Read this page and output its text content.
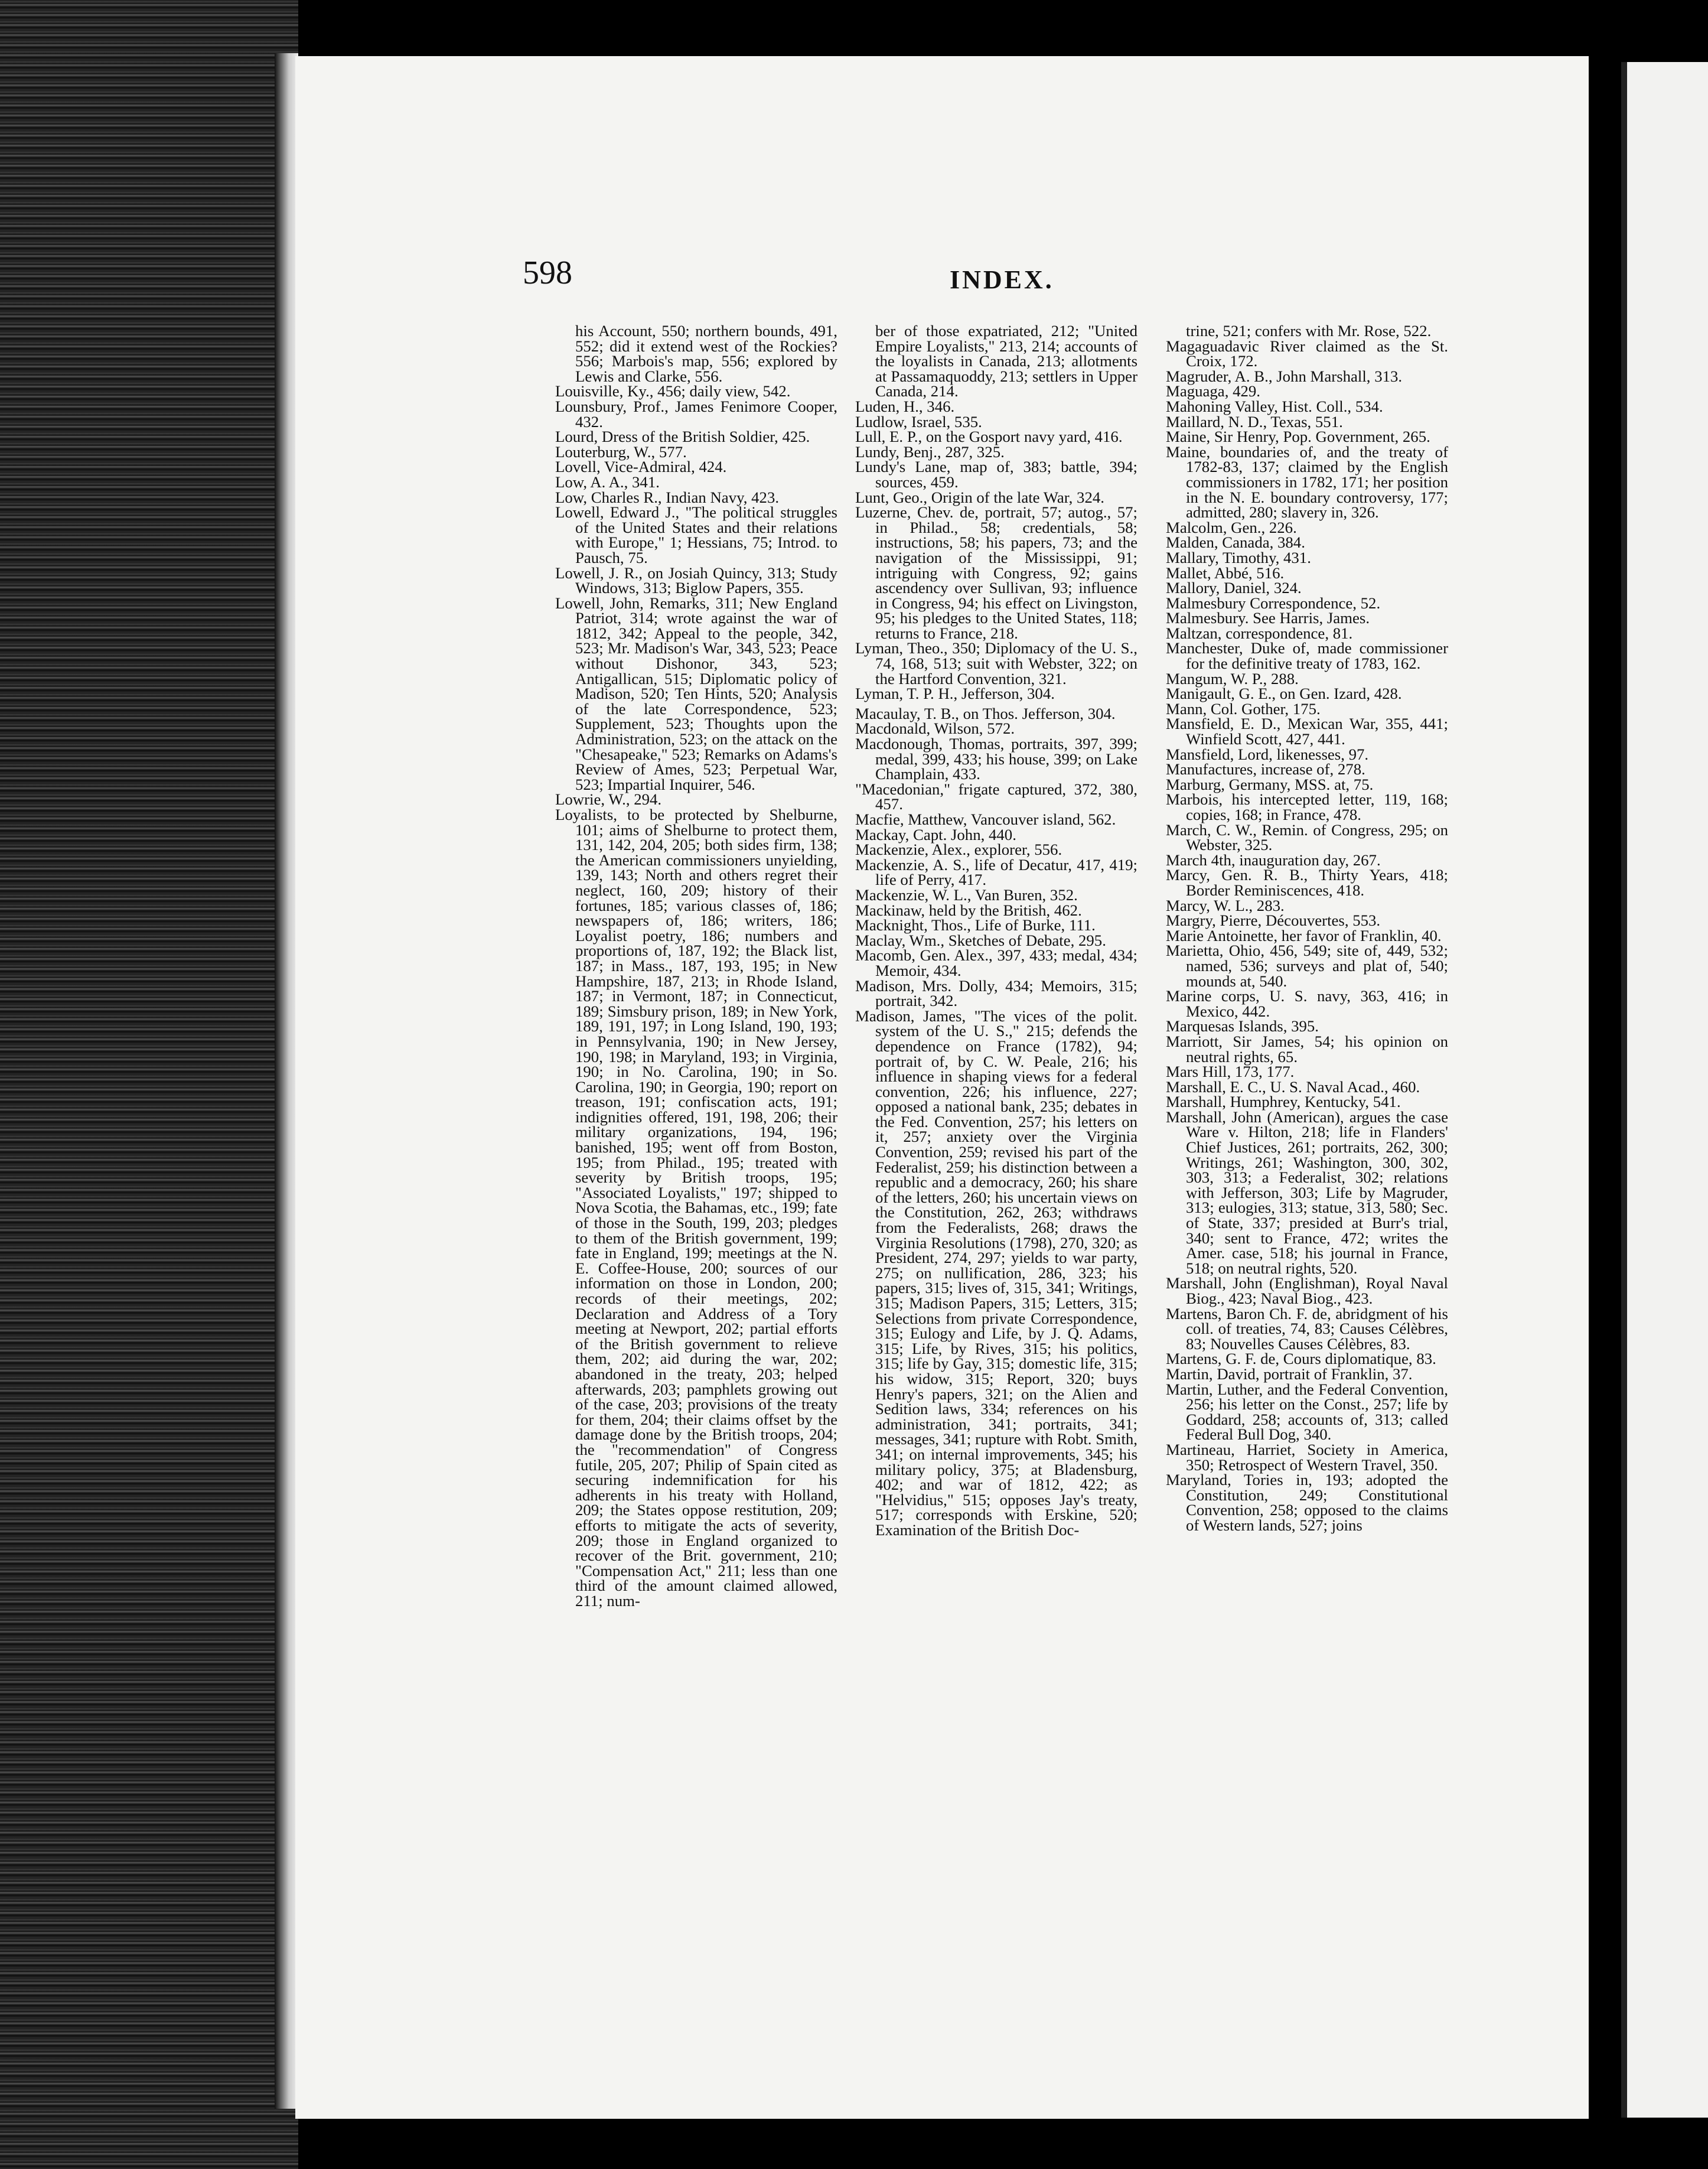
598	INDEX.

his Account, 550; northern bounds, 491, 552; did it extend west of the Rockies? 556; Marbois's map, 556; explored by Lewis and Clarke, 556.

Louisville, Ky., 456; daily view, 542.

Lounsbury, Prof., James Fenimore Cooper, 432.

Lourd, Dress of the British Soldier, 425.

Louterburg, W., 577.

Lovell, Vice-Admiral, 424.

Low, A. A., 341.

Low, Charles R., Indian Navy, 423.

Lowell, Edward J., "The political struggles of the United States and their relations with Europe," 1; Hessians, 75; Introd. to Pausch, 75.

Lowell, J. R., on Josiah Quincy, 313; Study Windows, 313; Biglow Papers, 355.

Lowell, John, Remarks, 311; New England Patriot, 314; wrote against the war of 1812, 342; Appeal to the people, 342, 523; Mr. Madison's War, 343, 523; Peace without Dishonor, 343, 523; Antigallican, 515; Diplomatic policy of Madison, 520; Ten Hints, 520; Analysis of the late Correspondence, 523; Supplement, 523; Thoughts upon the Administration, 523; on the attack on the "Chesapeake," 523; Remarks on Adams's Review of Ames, 523; Perpetual War, 523; Impartial Inquirer, 546.

Lowrie, W., 294.

Loyalists, to be protected by Shelburne, 101; aims of Shelburne to protect them, 131, 142, 204, 205; both sides firm, 138; the American commissioners unyielding, 139, 143; North and others regret their neglect, 160, 209; history of their fortunes, 185; various classes of, 186; newspapers of, 186; writers, 186; Loyalist poetry, 186; numbers and proportions of, 187, 192; the Black list, 187; in Mass., 187, 193, 195; in New Hampshire, 187, 213; in Rhode Island, 187; in Vermont, 187; in Connecticut, 189; Simsbury prison, 189; in New York, 189, 191, 197; in Long Island, 190, 193; in Pennsylvania, 190; in New Jersey, 190, 198; in Maryland, 193; in Virginia, 190; in No. Carolina, 190; in So. Carolina, 190; in Georgia, 190; report on treason, 191; confiscation acts, 191; indignities offered, 191, 198, 206; their military organizations, 194, 196; banished, 195; went off from Boston, 195; from Philad., 195; treated with severity by British troops, 195; "Associated Loyalists," 197; shipped to Nova Scotia, the Bahamas, etc., 199; fate of those in the South, 199, 203; pledges to them of the British government, 199; fate in England, 199; meetings at the N. E. Coffee-House, 200; sources of our information on those in London, 200; records of their meetings, 202; Declaration and Address of a Tory meeting at Newport, 202; partial efforts of the British government to relieve them, 202; aid during the war, 202; abandoned in the treaty, 203; helped afterwards, 203; pamphlets growing out of the case, 203; provisions of the treaty for them, 204; their claims offset by the damage done by the British troops, 204; the "recommendation" of Congress futile, 205, 207; Philip of Spain cited as securing indemnification for his adherents in his treaty with Holland, 209; the States oppose restitution, 209; efforts to mitigate the acts of severity, 209; those in England organized to recover of the Brit. government, 210; "Compensation Act," 211; less than one third of the amount claimed allowed, 211; num-

ber of those expatriated, 212; "United Empire Loyalists," 213, 214; accounts of the loyalists in Canada, 213; allotments at Passamaquoddy, 213; settlers in Upper Canada, 214.

Luden, H., 346.

Ludlow, Israel, 535.

Lull, E. P., on the Gosport navy yard, 416.

Lundy, Benj., 287, 325.

Lundy's Lane, map of, 383; battle, 394; sources, 459.

Lunt, Geo., Origin of the late War, 324.

Luzerne, Chev. de, portrait, 57; autog., 57; in Philad., 58; credentials, 58; instructions, 58; his papers, 73; and the navigation of the Mississippi, 91; intriguing with Congress, 92; gains ascendency over Sullivan, 93; influence in Congress, 94; his effect on Livingston, 95; his pledges to the United States, 118; returns to France, 218.

Lyman, Theo., 350; Diplomacy of the U. S., 74, 168, 513; suit with Webster, 322; on the Hartford Convention, 321.

Lyman, T. P. H., Jefferson, 304.

Macaulay, T. B., on Thos. Jefferson, 304.

Macdonald, Wilson, 572.

Macdonough, Thomas, portraits, 397, 399; medal, 399, 433; his house, 399; on Lake Champlain, 433.

"Macedonian," frigate captured, 372, 380, 457.

Macfie, Matthew, Vancouver island, 562.

Mackay, Capt. John, 440.

Mackenzie, Alex., explorer, 556.

Mackenzie, A. S., life of Decatur, 417, 419; life of Perry, 417.

Mackenzie, W. L., Van Buren, 352.

Mackinaw, held by the British, 462.

Macknight, Thos., Life of Burke, 111.

Maclay, Wm., Sketches of Debate, 295.

Macomb, Gen. Alex., 397, 433; medal, 434; Memoir, 434.

Madison, Mrs. Dolly, 434; Memoirs, 315; portrait, 342.

Madison, James, "The vices of the polit. system of the U. S.," 215; defends the dependence on France (1782), 94; portrait of, by C. W. Peale, 216; his influence in shaping views for a federal convention, 226; his influence, 227; opposed a national bank, 235; debates in the Fed. Convention, 257; his letters on it, 257; anxiety over the Virginia Convention, 259; revised his part of the Federalist, 259; his distinction between a republic and a democracy, 260; his share of the letters, 260; his uncertain views on the Constitution, 262, 263; withdraws from the Federalists, 268; draws the Virginia Resolutions (1798), 270, 320; as President, 274, 297; yields to war party, 275; on nullification, 286, 323; his papers, 315; lives of, 315, 341; Writings, 315; Madison Papers, 315; Letters, 315; Selections from private Correspondence, 315; Eulogy and Life, by J. Q. Adams, 315; Life, by Rives, 315; his politics, 315; life by Gay, 315; domestic life, 315; his widow, 315; Report, 320; buys Henry's papers, 321; on the Alien and Sedition laws, 334; references on his administration, 341; portraits, 341; messages, 341; rupture with Robt. Smith, 341; on internal improvements, 345; his military policy, 375; at Bladensburg, 402; and war of 1812, 422; as "Helvidius," 515; opposes Jay's treaty, 517; corresponds with Erskine, 520; Examination of the British Doc-

trine, 521; confers with Mr. Rose, 522.

Magaguadavic River claimed as the St. Croix, 172.

Magruder, A. B., John Marshall, 313.

Maguaga, 429.

Mahoning Valley, Hist. Coll., 534.

Maillard, N. D., Texas, 551.

Maine, Sir Henry, Pop. Government, 265.

Maine, boundaries of, and the treaty of 1782-83, 137; claimed by the English commissioners in 1782, 171; her position in the N. E. boundary controversy, 177; admitted, 280; slavery in, 326.

Malcolm, Gen., 226.

Malden, Canada, 384.

Mallary, Timothy, 431.

Mallet, Abbé, 516.

Mallory, Daniel, 324.

Malmesbury Correspondence, 52.

Malmesbury. See Harris, James.

Maltzan, correspondence, 81.

Manchester, Duke of, made commissioner for the definitive treaty of 1783, 162.

Mangum, W. P., 288.

Manigault, G. E., on Gen. Izard, 428.

Mann, Col. Gother, 175.

Mansfield, E. D., Mexican War, 355, 441; Winfield Scott, 427, 441.

Mansfield, Lord, likenesses, 97.

Manufactures, increase of, 278.

Marburg, Germany, MSS. at, 75.

Marbois, his intercepted letter, 119, 168; copies, 168; in France, 478.

March, C. W., Remin. of Congress, 295; on Webster, 325.

March 4th, inauguration day, 267.

Marcy, Gen. R. B., Thirty Years, 418; Border Reminiscences, 418.

Marcy, W. L., 283.

Margry, Pierre, Découvertes, 553.

Marie Antoinette, her favor of Franklin, 40.

Marietta, Ohio, 456, 549; site of, 449, 532; named, 536; surveys and plat of, 540; mounds at, 540.

Marine corps, U. S. navy, 363, 416; in Mexico, 442.

Marquesas Islands, 395.

Marriott, Sir James, 54; his opinion on neutral rights, 65.

Mars Hill, 173, 177.

Marshall, E. C., U. S. Naval Acad., 460.

Marshall, Humphrey, Kentucky, 541.

Marshall, John (American), argues the case Ware v. Hilton, 218; life in Flanders' Chief Justices, 261; portraits, 262, 300; Writings, 261; Washington, 300, 302, 303, 313; a Federalist, 302; relations with Jefferson, 303; Life by Magruder, 313; eulogies, 313; statue, 313, 580; Sec. of State, 337; presided at Burr's trial, 340; sent to France, 472; writes the Amer. case, 518; his journal in France, 518; on neutral rights, 520.

Marshall, John (Englishman), Royal Naval Biog., 423; Naval Biog., 423.

Martens, Baron Ch. F. de, abridgment of his coll. of treaties, 74, 83; Causes Célèbres, 83; Nouvelles Causes Célèbres, 83.

Martens, G. F. de, Cours diplomatique, 83.

Martin, David, portrait of Franklin, 37.

Martin, Luther, and the Federal Convention, 256; his letter on the Const., 257; life by Goddard, 258; accounts of, 313; called Federal Bull Dog, 340.

Martineau, Harriet, Society in America, 350; Retrospect of Western Travel, 350.

Maryland, Tories in, 193; adopted the Constitution, 249; Constitutional Convention, 258; opposed to the claims of Western lands, 527; joins
